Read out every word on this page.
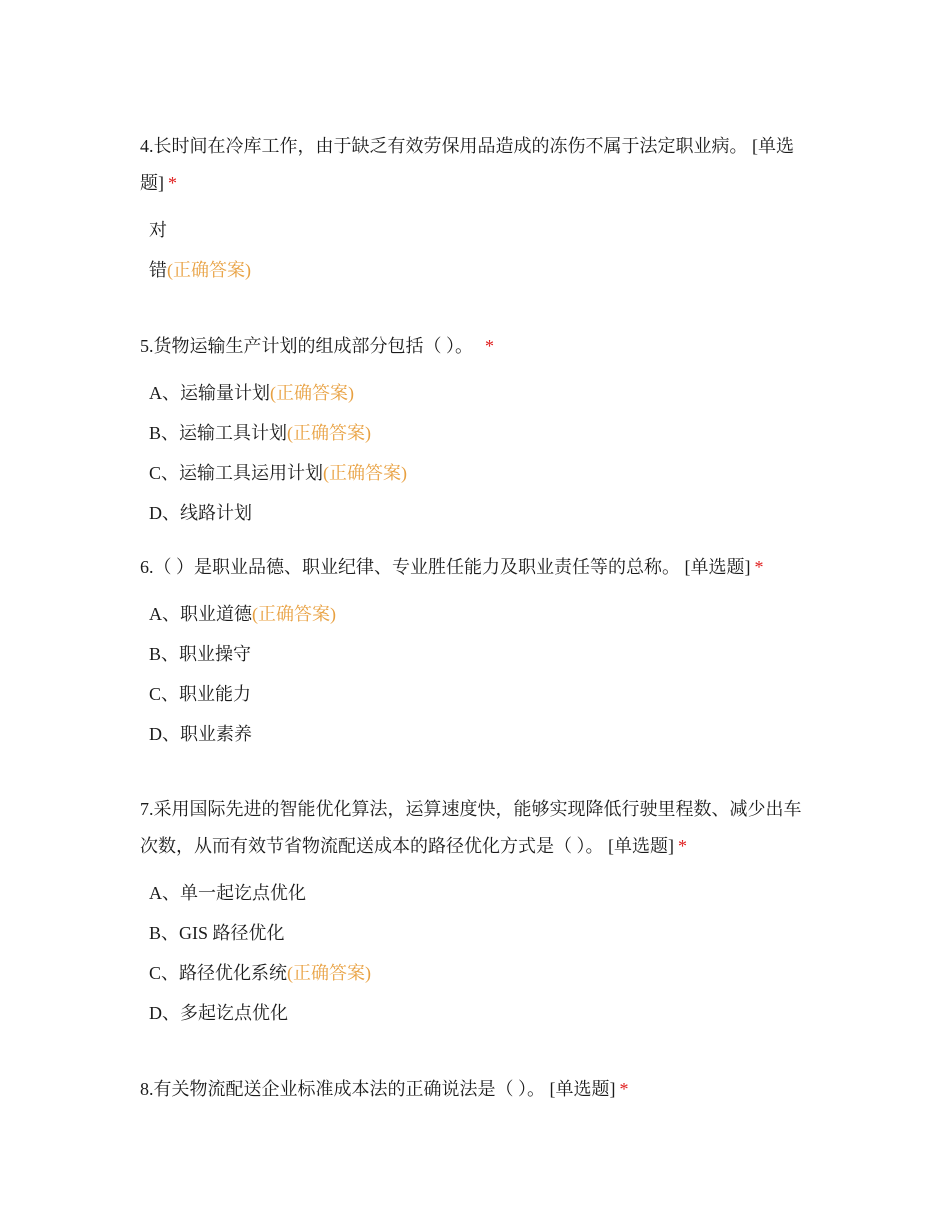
4.长时间在冷库工作，由于缺乏有效劳保用品造成的冻伤不属于法定职业病。 [单选题] *

对
错(正确答案)

5.货物运输生产计划的组成部分包括（ ）。 *

A、运输量计划(正确答案)
B、运输工具计划(正确答案)
C、运输工具运用计划(正确答案)
D、线路计划

6.（ ）是职业品德、职业纪律、专业胜任能力及职业责任等的总称。 [单选题] *

A、职业道德(正确答案)
B、职业操守
C、职业能力
D、职业素养

7.采用国际先进的智能优化算法，运算速度快，能够实现降低行驶里程数、减少出车次数，从而有效节省物流配送成本的路径优化方式是（ ）。 [单选题] *

A、单一起讫点优化
B、GIS 路径优化
C、路径优化系统(正确答案)
D、多起讫点优化

8.有关物流配送企业标准成本法的正确说法是（ ）。 [单选题] *
